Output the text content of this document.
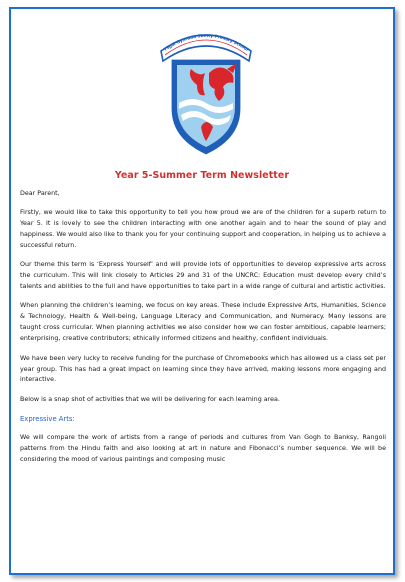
Ysgol Gynradd Sketty Primary School
Year 5-Summer Term Newsletter

Dear Parent,

Firstly, we would like to take this opportunity to tell you how proud we are of the children for a superb return to Year 5. It is lovely to see the children interacting with one another again and to hear the sound of play and happiness. We would also like to thank you for your continuing support and cooperation, in helping us to achieve a successful return.

Our theme this term is ‘Express Yourself’ and will provide lots of opportunities to develop expressive arts across the curriculum. This will link closely to Articles 29 and 31 of the UNCRC: Education must develop every child’s talents and abilities to the full and have opportunities to take part in a wide range of cultural and artistic activities.

When planning the children’s learning, we focus on key areas. These include Expressive Arts, Humanities, Science & Technology, Health & Well-being, Language Literacy and Communication, and Numeracy. Many lessons are taught cross curricular. When planning activities we also consider how we can foster ambitious, capable learners; enterprising, creative contributors; ethically informed citizens and healthy, confident individuals.

We have been very lucky to receive funding for the purchase of Chromebooks which has allowed us a class set per year group. This has had a great impact on learning since they have arrived, making lessons more engaging and interactive.

Below is a snap shot of activities that we will be delivering for each learning area.

Expressive Arts:

We will compare the work of artists from a range of periods and cultures from Van Gogh to Banksy, Rangoli patterns from the Hindu faith and also looking at art in nature and Fibonacci’s number sequence. We will be considering the mood of various paintings and composing music
